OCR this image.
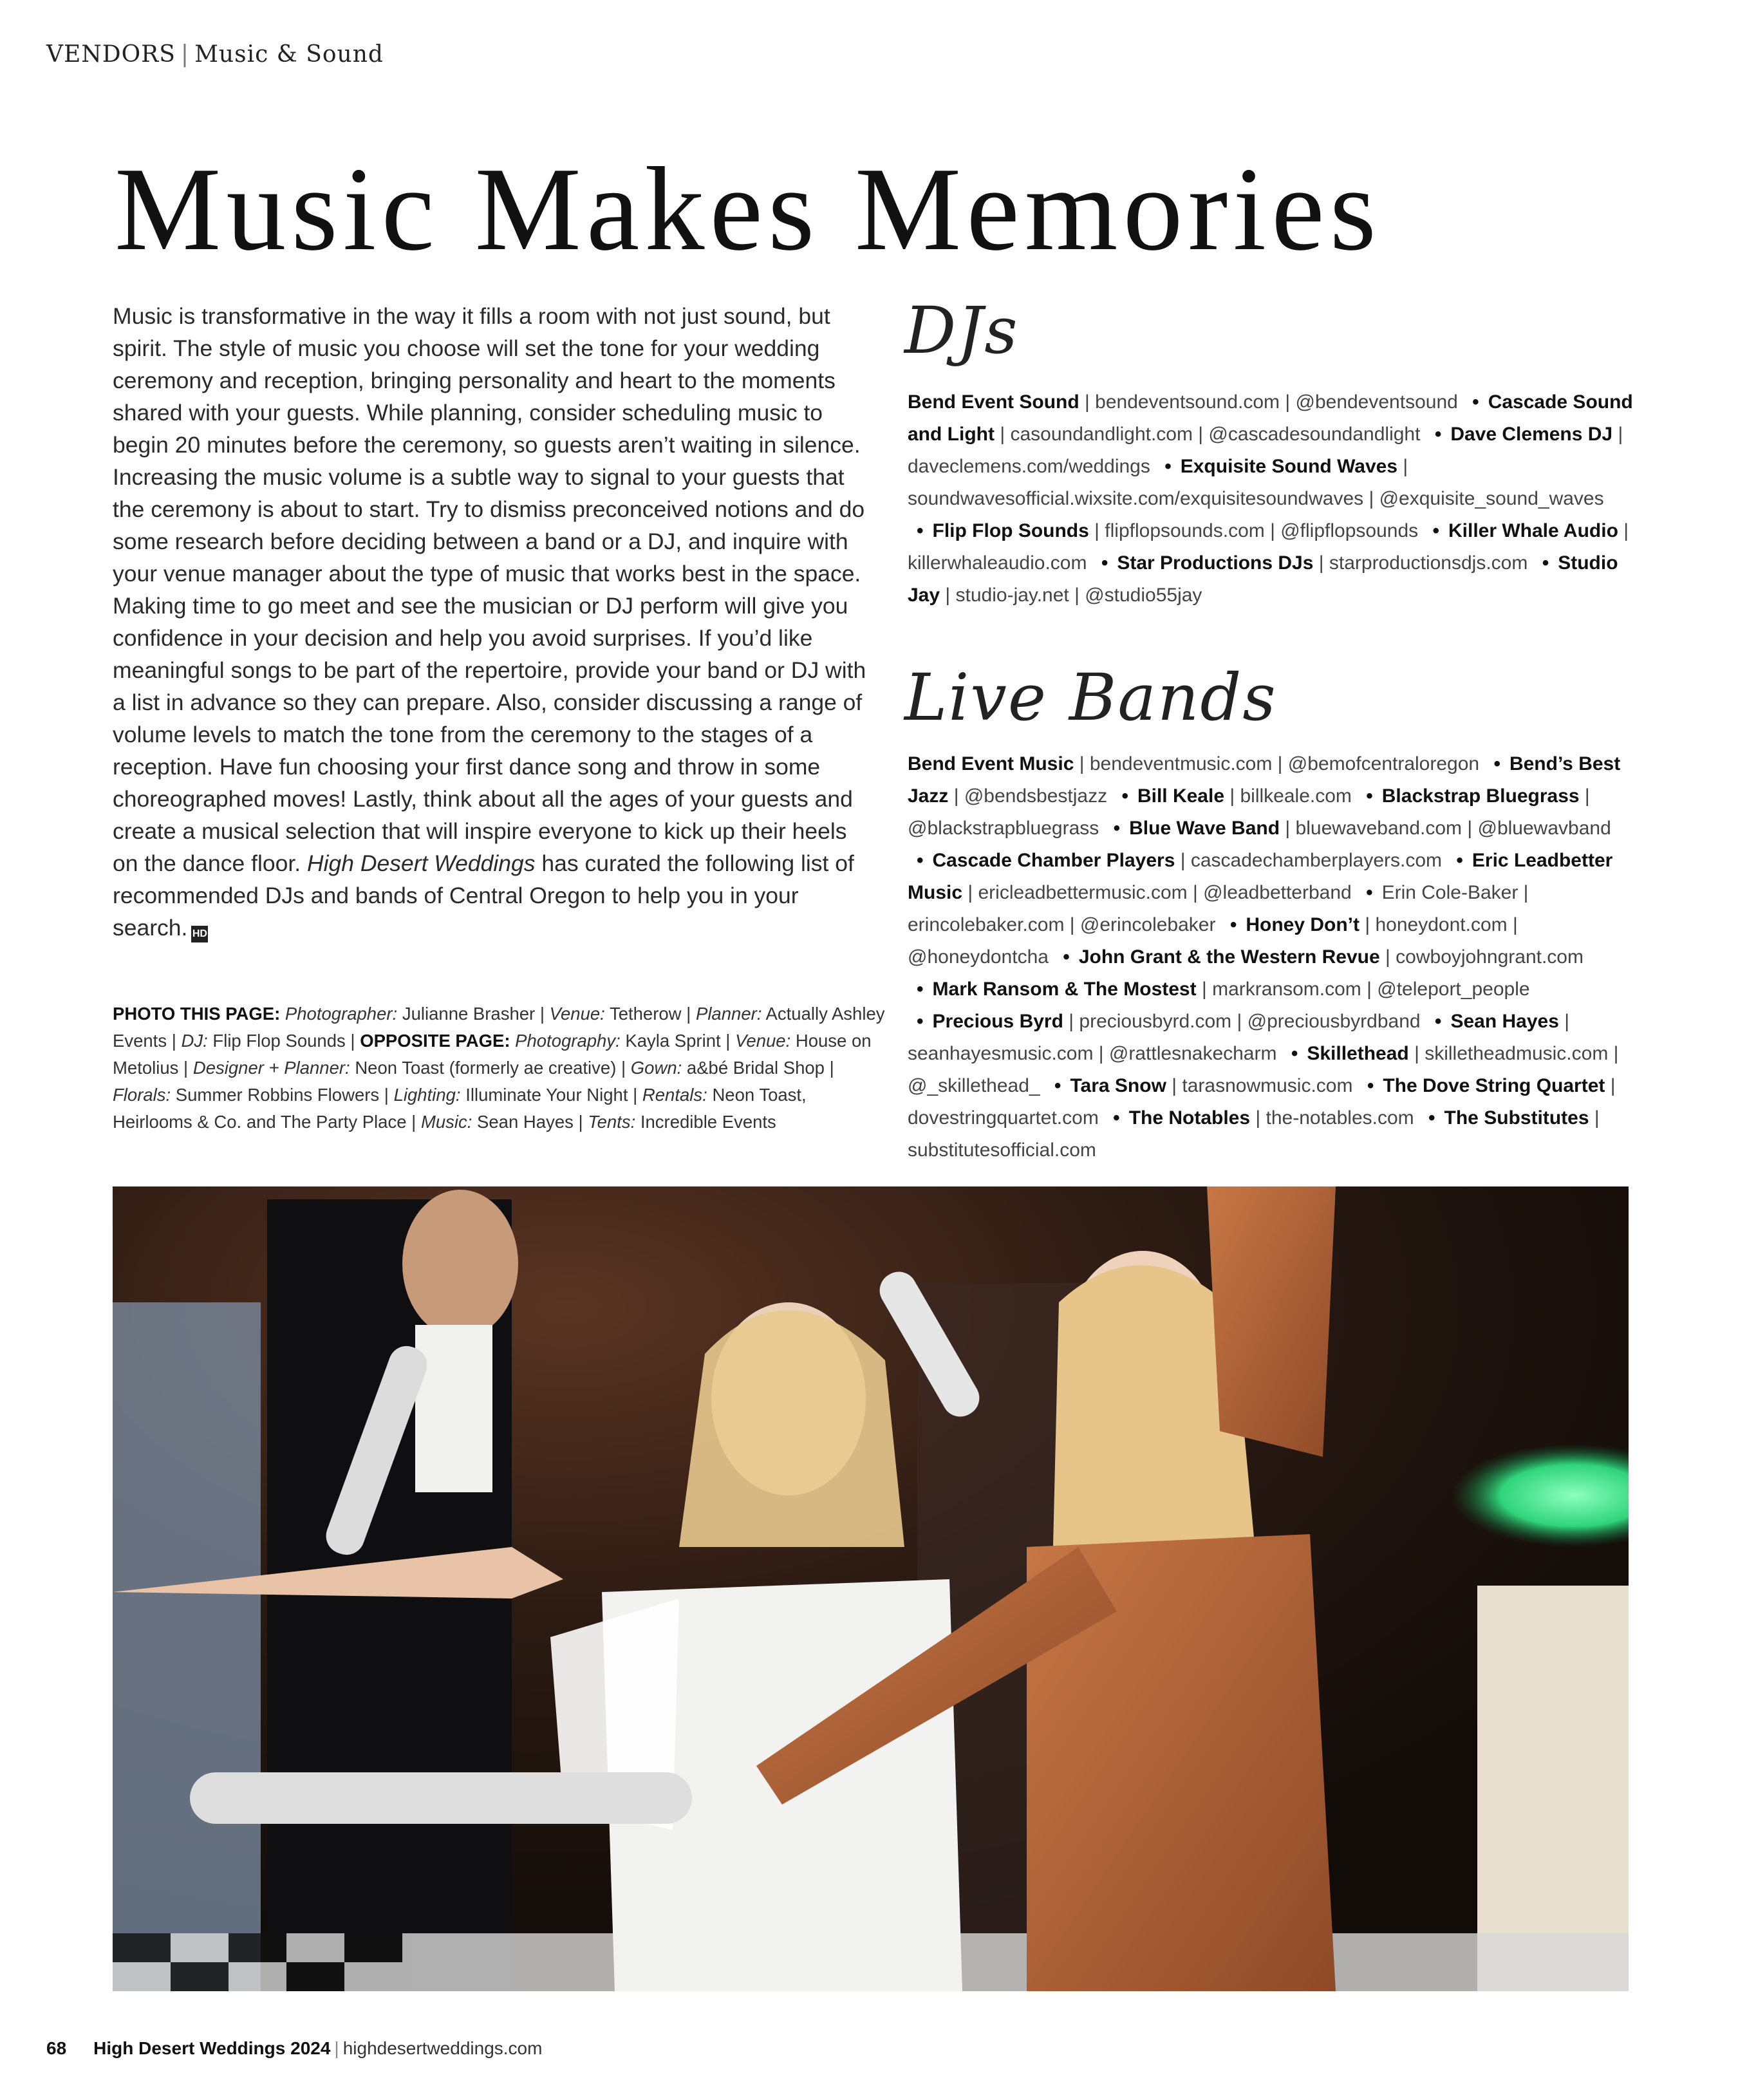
VENDORS | Music & Sound
Music Makes Memories

Music is transformative in the way it fills a room with not just sound, but spirit. The style of music you choose will set the tone for your wedding ceremony and reception, bringing personality and heart to the moments shared with your guests. While planning, consider scheduling music to begin 20 minutes before the ceremony, so guests aren’t waiting in silence. Increasing the music volume is a subtle way to signal to your guests that the ceremony is about to start. Try to dismiss preconceived notions and do some research before deciding between a band or a DJ, and inquire with your venue manager about the type of music that works best in the space. Making time to go meet and see the musician or DJ perform will give you confidence in your decision and help you avoid surprises. If you’d like meaningful songs to be part of the repertoire, provide your band or DJ with a list in advance so they can prepare. Also, consider discussing a range of volume levels to match the tone from the ceremony to the stages of a reception. Have fun choosing your first dance song and throw in some choreographed moves! Lastly, think about all the ages of your guests and create a musical selection that will inspire everyone to kick up their heels on the dance floor. High Desert Weddings has curated the following list of recommended DJs and bands of Central Oregon to help you in your search. HD

PHOTO THIS PAGE: Photographer: Julianne Brasher | Venue: Tetherow | Planner: Actually Ashley Events | DJ: Flip Flop Sounds | OPPOSITE PAGE: Photography: Kayla Sprint | Venue: House on Metolius | Designer + Planner: Neon Toast (formerly ae creative) | Gown: a&bé Bridal Shop | Florals: Summer Robbins Flowers | Lighting: Illuminate Your Night | Rentals: Neon Toast, Heirlooms & Co. and The Party Place | Music: Sean Hayes | Tents: Incredible Events

DJs

Bend Event Sound | bendeventsound.com | @bendeventsound • Cascade Sound and Light | casoundandlight.com | @cascadesoundandlight • Dave Clemens DJ | daveclemens.com/weddings • Exquisite Sound Waves | soundwavesofficial.wixsite.com/exquisitesoundwaves | @exquisite_sound_waves • Flip Flop Sounds | flipflopsounds.com | @flipflopsounds • Killer Whale Audio | killerwhaleaudio.com • Star Productions DJs | starproductionsdjs.com • Studio Jay | studio-jay.net | @studio55jay

Live Bands

Bend Event Music | bendeventmusic.com | @bemofcentraloregon • Bend’s Best Jazz | @bendsbestjazz • Bill Keale | billkeale.com • Blackstrap Bluegrass | @blackstrapbluegrass • Blue Wave Band | bluewaveband.com | @bluewavband • Cascade Chamber Players | cascadechamberplayers.com • Eric Leadbetter Music | ericleadbettermusic.com | @leadbetterband • Erin Cole-Baker | erincolebaker.com | @erincolebaker • Honey Don’t | honeydont.com | @honeydontcha • John Grant & the Western Revue | cowboyjohngrant.com • Mark Ransom & The Mostest | markransom.com | @teleport_people • Precious Byrd | preciousbyrd.com | @preciousbyrdband • Sean Hayes | seanhayesmusic.com | @rattlesnakecharm • Skillethead | skilletheadmusic.com | @_skillethead_ • Tara Snow | tarasnowmusic.com • The Dove String Quartet | dovestringquartet.com • The Notables | the-notables.com • The Substitutes | substitutesofficial.com

68 High Desert Weddings 2024 | highdesertweddings.com
